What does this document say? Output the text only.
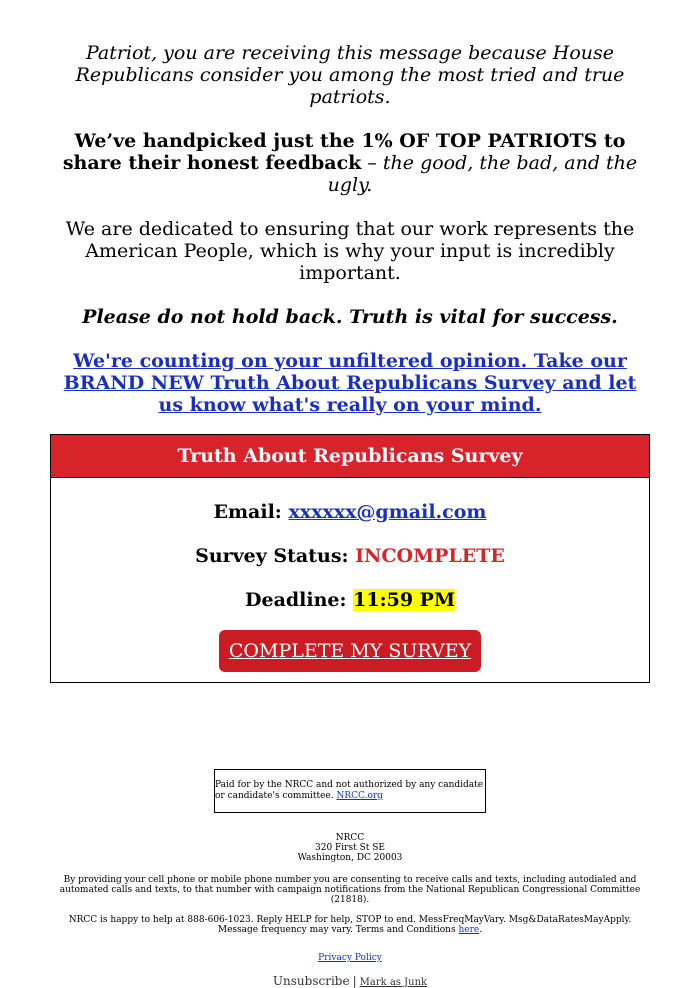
Patriot, you are receiving this message because House Republicans consider you among the most tried and true patriots.

We’ve handpicked just the 1% OF TOP PATRIOTS to share their honest feedback – the good, the bad, and the ugly.

We are dedicated to ensuring that our work represents the American People, which is why your input is incredibly important.

Please do not hold back. Truth is vital for success.

We're counting on your unfiltered opinion. Take our BRAND NEW Truth About Republicans Survey and let us know what's really on your mind.

Truth About Republicans Survey
Email: xxxxxx@gmail.com
Survey Status: INCOMPLETE
Deadline: 11:59 PM
COMPLETE MY SURVEY
Paid for by the NRCC and not authorized by any candidate or candidate's committee. NRCC.org
NRCC
320 First St SE
Washington, DC 20003
By providing your cell phone or mobile phone number you are consenting to receive calls and texts, including autodialed and automated calls and texts, to that number with campaign notifications from the National Republican Congressional Committee (21818).
NRCC is happy to help at 888-606-1023. Reply HELP for help, STOP to end. MessFreqMayVary. Msg&DataRatesMayApply. Message frequency may vary. Terms and Conditions here.
Privacy Policy
Unsubscribe | Mark as Junk
